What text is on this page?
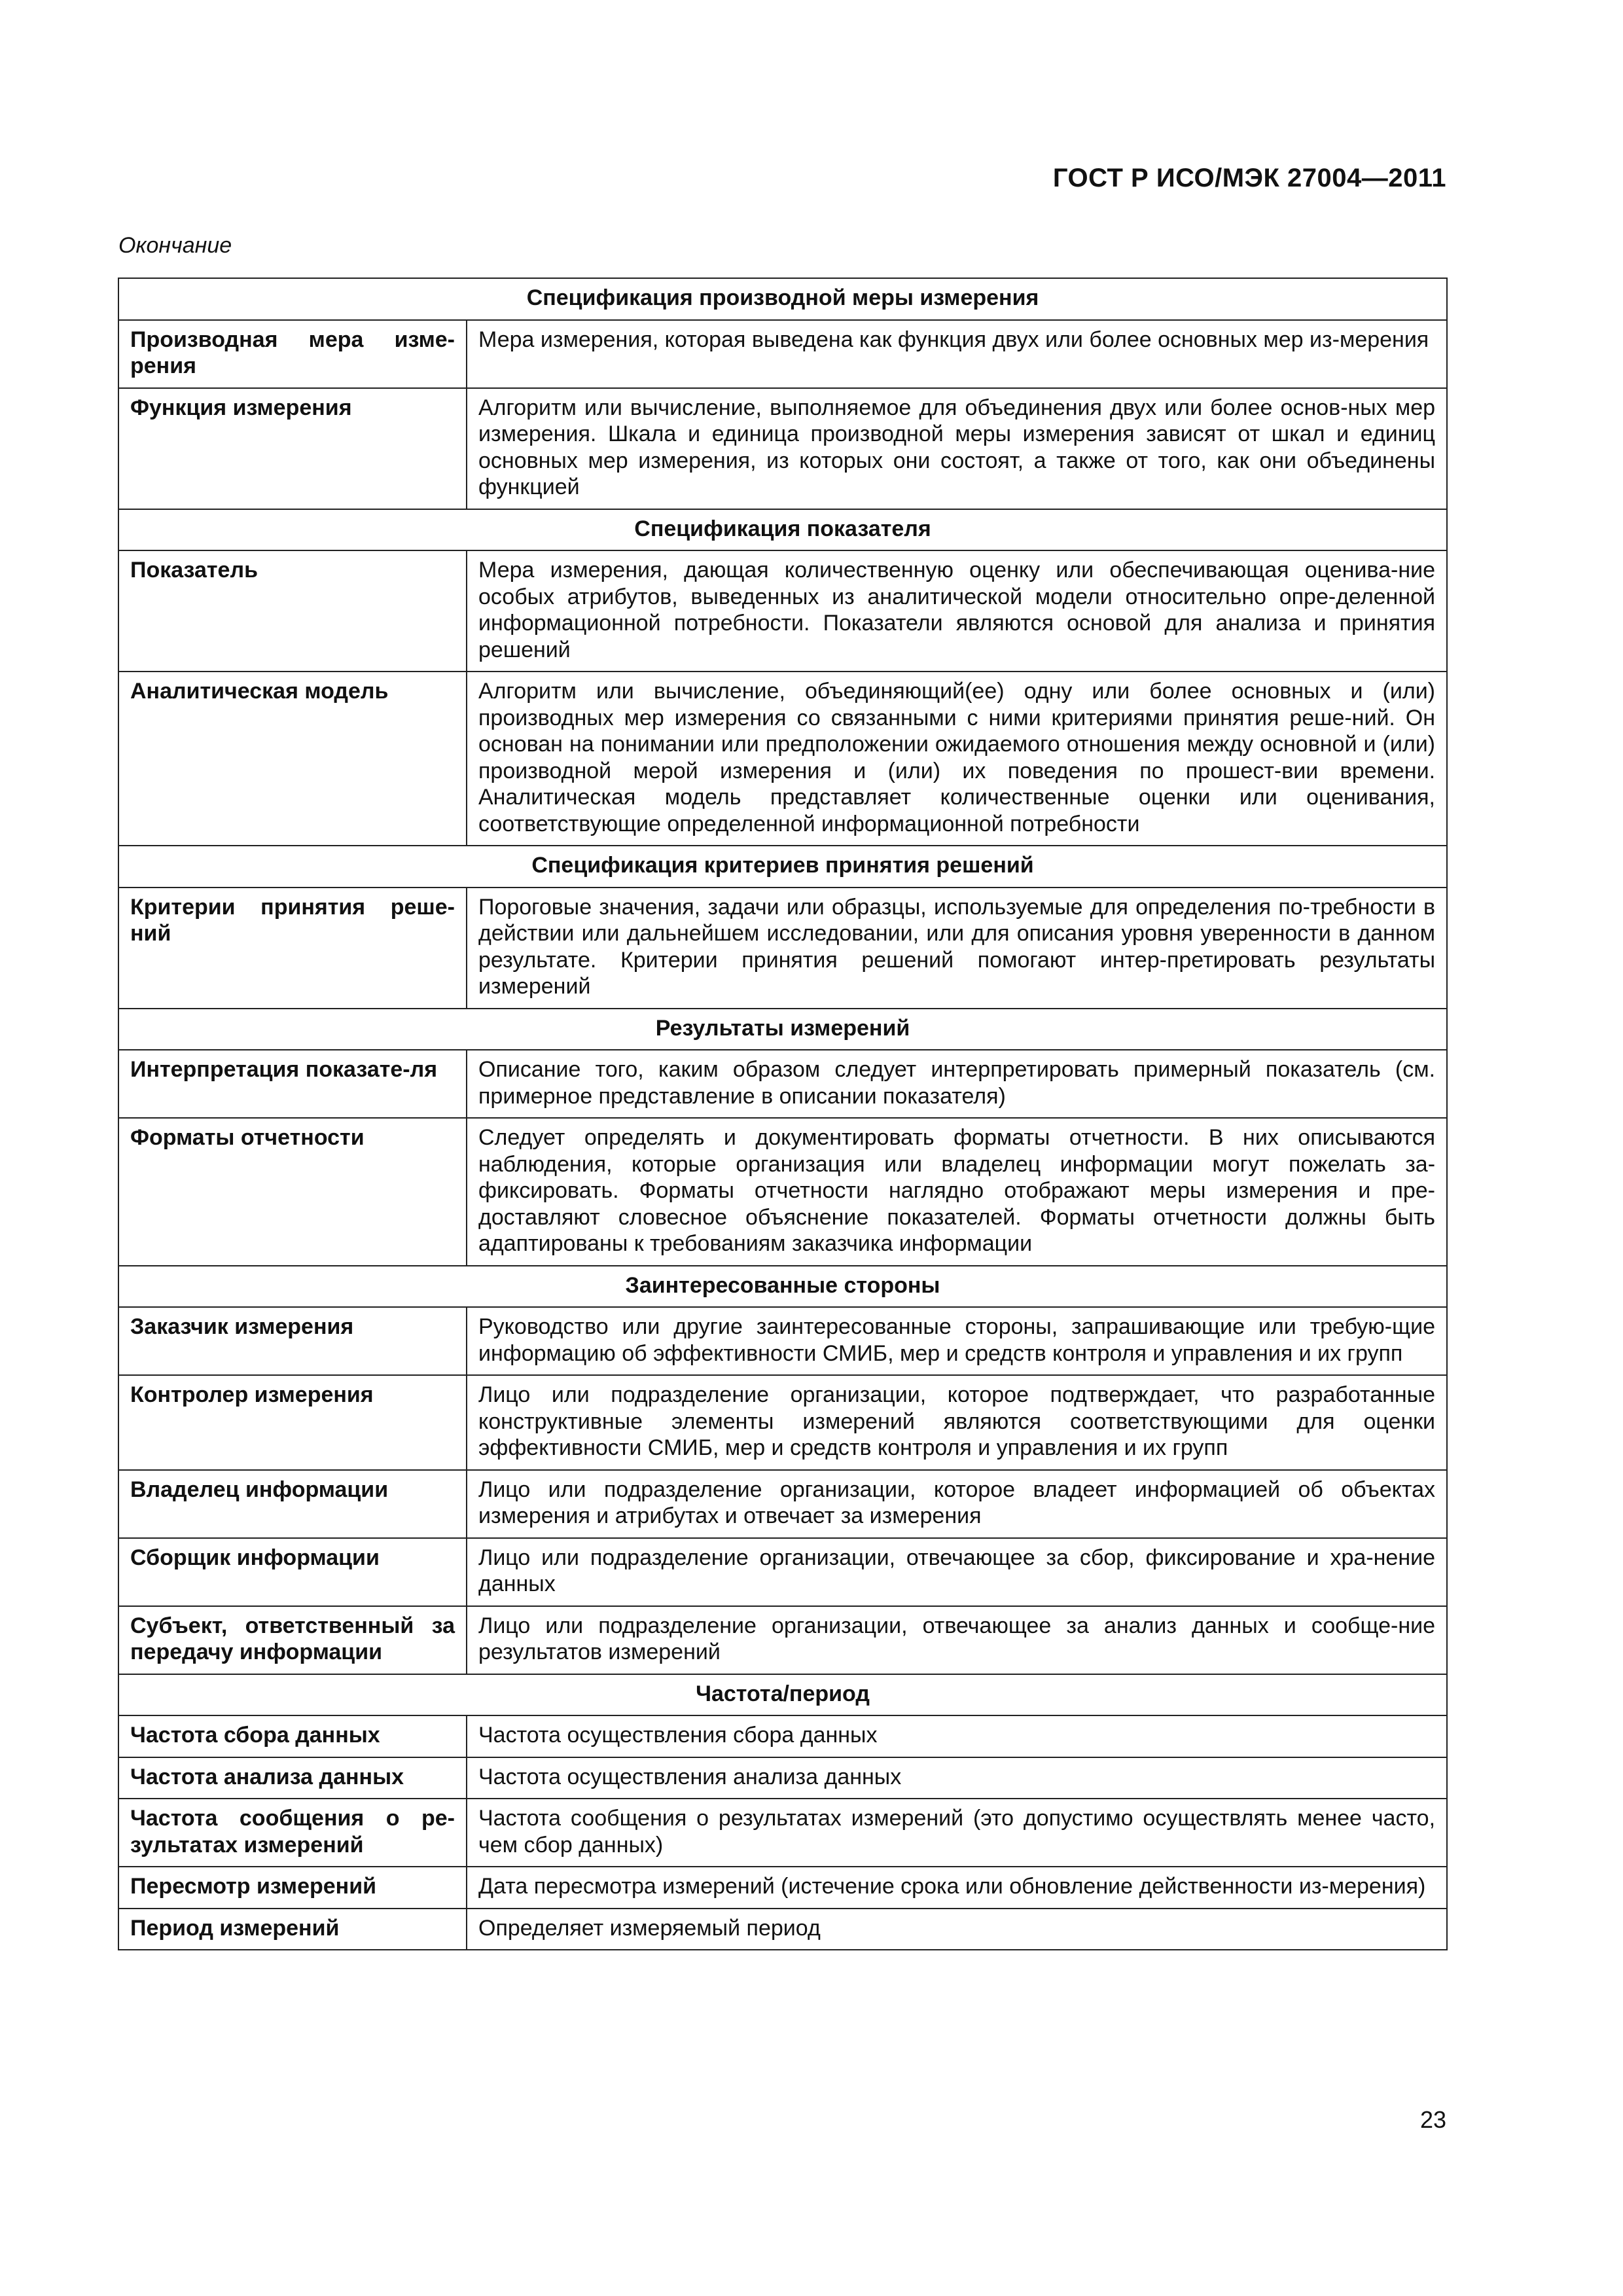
ГОСТ Р ИСО/МЭК 27004—2011
Окончание
Спецификация производной меры измерения	
Производная мера изме-рения	Мера измерения, которая выведена как функция двух или более основных мер из-мерения
Функция измерения	Алгоритм или вычисление, выполняемое для объединения двух или более основ-ных мер измерения. Шкала и единица производной меры измерения зависят от шкал и единиц основных мер измерения, из которых они состоят, а также от того, как они объединены функцией
Спецификация показателя	
Показатель	Мера измерения, дающая количественную оценку или обеспечивающая оценива-ние особых атрибутов, выведенных из аналитической модели относительно опре-деленной информационной потребности. Показатели являются основой для анализа и принятия решений
Аналитическая модель	Алгоритм или вычисление, объединяющий(ее) одну или более основных и (или) производных мер измерения со связанными с ними критериями принятия реше-ний. Он основан на понимании или предположении ожидаемого отношения между основной и (или) производной мерой измерения и (или) их поведения по прошест-вии времени. Аналитическая модель представляет количественные оценки или оценивания, соответствующие определенной информационной потребности
Спецификация критериев принятия решений	
Критерии принятия реше-ний	Пороговые значения, задачи или образцы, используемые для определения по-требности в действии или дальнейшем исследовании, или для описания уровня уверенности в данном результате. Критерии принятия решений помогают интер-претировать результаты измерений
Результаты измерений	
Интерпретация показате-ля	Описание того, каким образом следует интерпретировать примерный показатель (см. примерное представление в описании показателя)
Форматы отчетности	Следует определять и документировать форматы отчетности. В них описываются наблюдения, которые организация или владелец информации могут пожелать за-фиксировать. Форматы отчетности наглядно отображают меры измерения и пре-доставляют словесное объяснение показателей. Форматы отчетности должны быть адаптированы к требованиям заказчика информации
Заинтересованные стороны	
Заказчик измерения	Руководство или другие заинтересованные стороны, запрашивающие или требую-щие информацию об эффективности СМИБ, мер и средств контроля и управления и их групп
Контролер измерения	Лицо или подразделение организации, которое подтверждает, что разработанные конструктивные элементы измерений являются соответствующими для оценки эффективности СМИБ, мер и средств контроля и управления и их групп
Владелец информации	Лицо или подразделение организации, которое владеет информацией об объектах измерения и атрибутах и отвечает за измерения
Сборщик информации	Лицо или подразделение организации, отвечающее за сбор, фиксирование и хра-нение данных
Субъект, ответственный за передачу информации	Лицо или подразделение организации, отвечающее за анализ данных и сообще-ние результатов измерений
Частота/период	
Частота сбора данных	Частота осуществления сбора данных
Частота анализа данных	Частота осуществления анализа данных
Частота сообщения о ре-зультатах измерений	Частота сообщения о результатах измерений (это допустимо осуществлять менее часто, чем сбор данных)
Пересмотр измерений	Дата пересмотра измерений (истечение срока или обновление действенности из-мерения)
Период измерений	Определяет измеряемый период
23
